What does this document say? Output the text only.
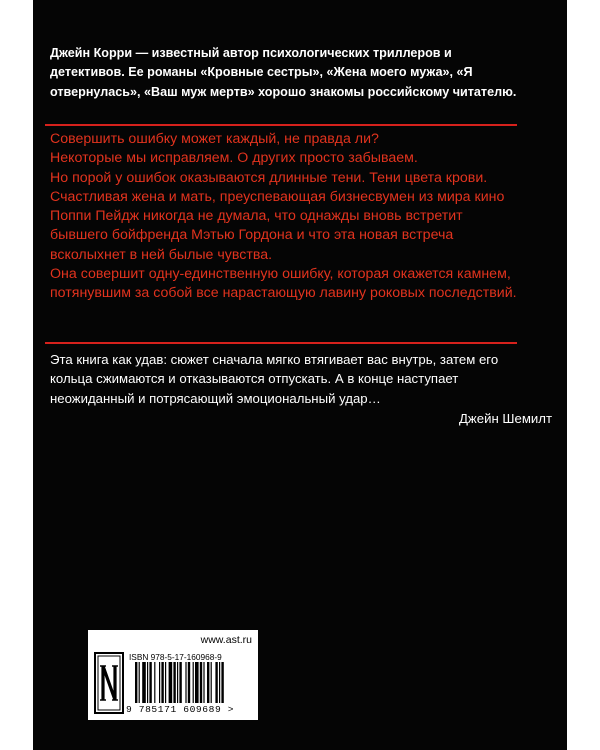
Джейн Корри — известный автор психологических триллеров и детективов. Ее романы «Кровные сестры», «Жена моего мужа», «Я отвернулась», «Ваш муж мертв» хорошо знакомы российскому читателю.

Совершить ошибку может каждый, не правда ли?

Некоторые мы исправляем. О других просто забываем.

Но порой у ошибок оказываются длинные тени. Тени цвета крови.

Счастливая жена и мать, преуспевающая бизнесвумен из мира кино Поппи Пейдж никогда не думала, что однажды вновь встретит бывшего бойфренда Мэтью Гордона и что эта новая встреча всколыхнет в ней былые чувства.

Она совершит одну-единственную ошибку, которая окажется камнем, потянувшим за собой все нарастающую лавину роковых последствий.

Эта книга как удав: сюжет сначала мягко втягивает вас внутрь, затем его кольца сжимаются и отказываются отпускать. А в конце наступает неожиданный и потрясающий эмоциональный удар…

Джейн Шемилт
www.ast.ru
ISBN 978-5-17-160968-9
9 785171 609689 >
